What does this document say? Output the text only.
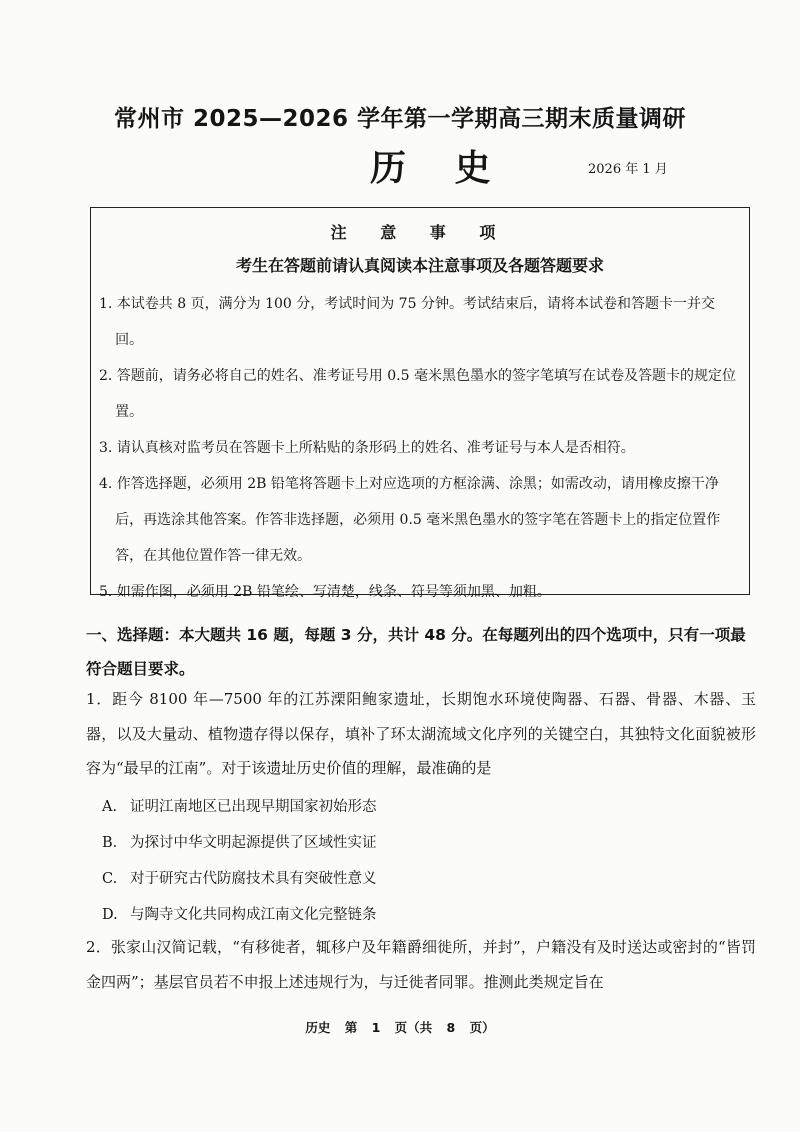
常州市 2025—2026 学年第一学期高三期末质量调研
历 史	2026 年 1 月
注 意 事 项
考生在答题前请认真阅读本注意事项及各题答题要求

1. 本试卷共 8 页，满分为 100 分，考试时间为 75 分钟。考试结束后，请将本试卷和答题卡一并交回。

2. 答题前，请务必将自己的姓名、准考证号用 0.5 毫米黑色墨水的签字笔填写在试卷及答题卡的规定位置。

3. 请认真核对监考员在答题卡上所粘贴的条形码上的姓名、准考证号与本人是否相符。

4. 作答选择题，必须用 2B 铅笔将答题卡上对应选项的方框涂满、涂黑；如需改动，请用橡皮擦干净后，再选涂其他答案。作答非选择题，必须用 0.5 毫米黑色墨水的签字笔在答题卡上的指定位置作答，在其他位置作答一律无效。

5. 如需作图，必须用 2B 铅笔绘、写清楚，线条、符号等须加黑、加粗。

一、选择题：本大题共 16 题，每题 3 分，共计 48 分。在每题列出的四个选项中，只有一项最符合题目要求。
1．距今 8100 年—7500 年的江苏溧阳鲍家遗址，长期饱水环境使陶器、石器、骨器、木器、玉器，以及大量动、植物遗存得以保存，填补了环太湖流域文化序列的关键空白，其独特文化面貌被形容为“最早的江南”。对于该遗址历史价值的理解，最准确的是
A. 证明江南地区已出现早期国家初始形态
B. 为探讨中华文明起源提供了区域性实证
C. 对于研究古代防腐技术具有突破性意义
D. 与陶寺文化共同构成江南文化完整链条
2．张家山汉简记载，“有移徙者，辄移户及年籍爵细徙所，并封”，户籍没有及时送达或密封的“皆罚金四两”；基层官员若不申报上述违规行为，与迁徙者同罪。推测此类规定旨在
历史 第 1 页（共 8 页）
